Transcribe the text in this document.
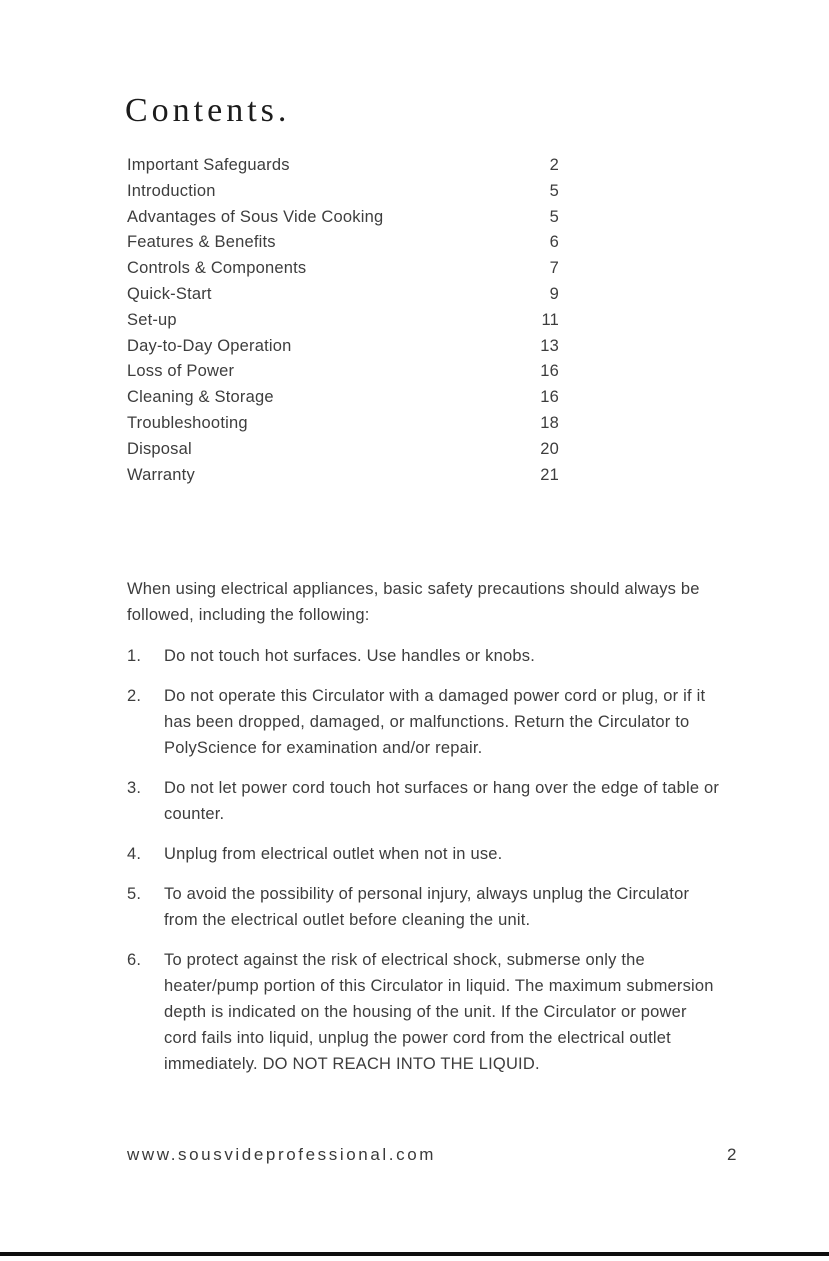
Contents.
Important Safeguards	2
Introduction	5
Advantages of Sous Vide Cooking	5
Features & Benefits	6
Controls & Components	7
Quick-Start	9
Set-up	11
Day-to-Day Operation	13
Loss of Power	16
Cleaning & Storage	16
Troubleshooting	18
Disposal	20
Warranty	21

When using electrical appliances, basic safety precautions should always be followed, including the following:

1.	Do not touch hot surfaces. Use handles or knobs.
2.	Do not operate this Circulator with a damaged power cord or plug, or if it has been dropped, damaged, or malfunctions. Return the Circulator to PolyScience for examination and/or repair.
3.	Do not let power cord touch hot surfaces or hang over the edge of table or counter.
4.	Unplug from electrical outlet when not in use.
5.	To avoid the possibility of personal injury, always unplug the Circulator from the electrical outlet before cleaning the unit.
6.	To protect against the risk of electrical shock, submerse only the heater/pump portion of this Circulator in liquid. The maximum submersion depth is indicated on the housing of the unit. If the Circulator or power cord fails into liquid, unplug the power cord from the electrical outlet immediately. DO NOT REACH INTO THE LIQUID.
www.sousvideprofessional.com	2
